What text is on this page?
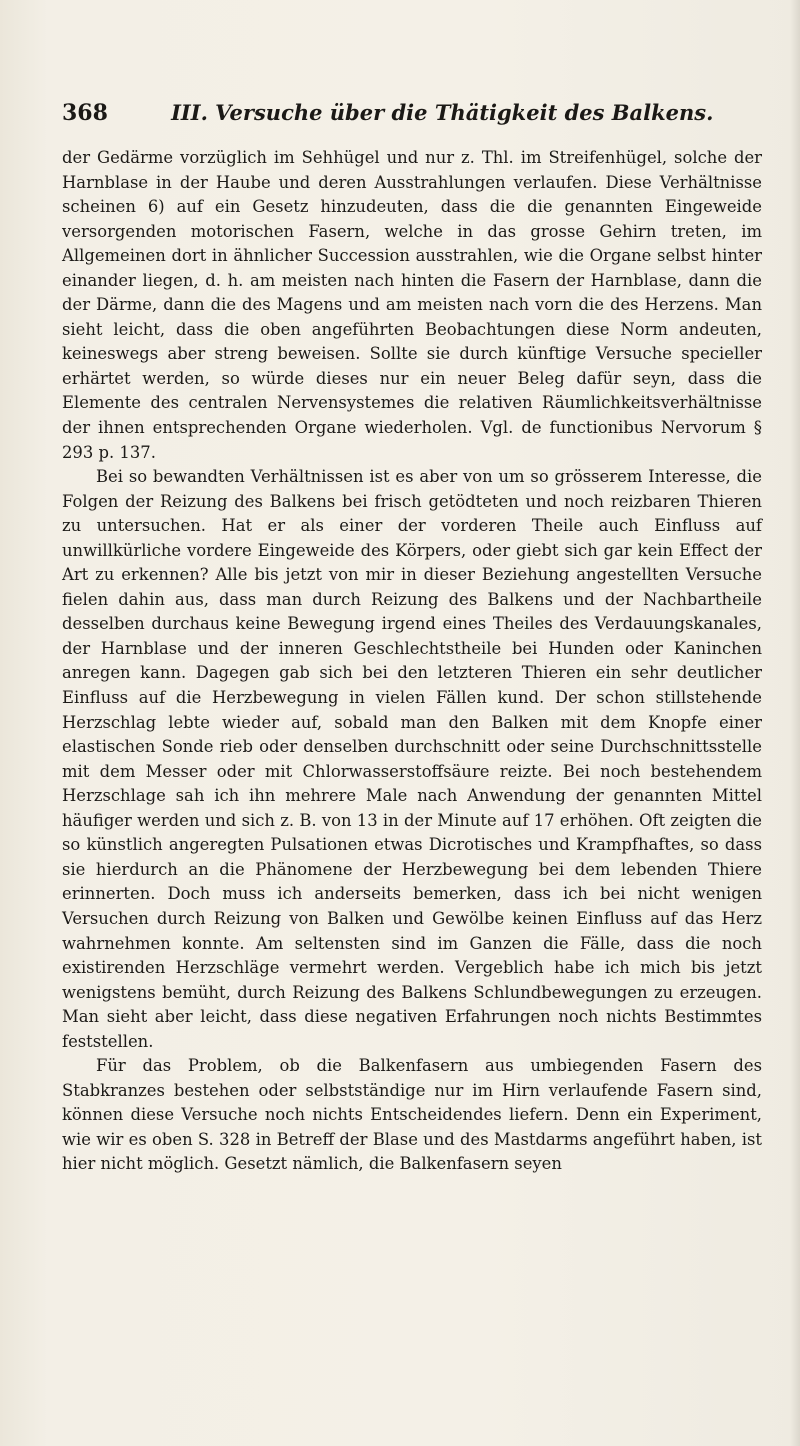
368	III. Versuche über die Thätigkeit des Balkens.

der Gedärme vorzüglich im Sehhügel und nur z. Thl. im Streifenhügel, solche der Harnblase in der Haube und deren Ausstrahlungen verlaufen. Diese Verhältnisse scheinen 6) auf ein Gesetz hinzudeuten, dass die die genannten Eingeweide versorgenden motorischen Fasern, welche in das grosse Gehirn treten, im Allgemeinen dort in ähnlicher Succession ausstrahlen, wie die Organe selbst hinter einander liegen, d. h. am meisten nach hinten die Fasern der Harnblase, dann die der Därme, dann die des Magens und am meisten nach vorn die des Herzens. Man sieht leicht, dass die oben angeführten Beobachtungen diese Norm andeuten, keineswegs aber streng beweisen. Sollte sie durch künftige Versuche specieller erhärtet werden, so würde dieses nur ein neuer Beleg dafür seyn, dass die Elemente des centralen Nervensystemes die relativen Räumlichkeitsverhältnisse der ihnen entsprechenden Organe wiederholen. Vgl. de functionibus Nervorum § 293 p. 137.

Bei so bewandten Verhältnissen ist es aber von um so grösserem Interesse, die Folgen der Reizung des Balkens bei frisch getödteten und noch reizbaren Thieren zu untersuchen. Hat er als einer der vorderen Theile auch Einfluss auf unwillkürliche vordere Eingeweide des Körpers, oder giebt sich gar kein Effect der Art zu erkennen? Alle bis jetzt von mir in dieser Beziehung angestellten Versuche fielen dahin aus, dass man durch Reizung des Balkens und der Nachbartheile desselben durchaus keine Bewegung irgend eines Theiles des Verdauungskanales, der Harnblase und der inneren Geschlechtstheile bei Hunden oder Kaninchen anregen kann. Dagegen gab sich bei den letzteren Thieren ein sehr deutlicher Einfluss auf die Herzbewegung in vielen Fällen kund. Der schon stillstehende Herzschlag lebte wieder auf, sobald man den Balken mit dem Knopfe einer elastischen Sonde rieb oder denselben durchschnitt oder seine Durchschnittsstelle mit dem Messer oder mit Chlorwasserstoffsäure reizte. Bei noch bestehendem Herzschlage sah ich ihn mehrere Male nach Anwendung der genannten Mittel häufiger werden und sich z. B. von 13 in der Minute auf 17 erhöhen. Oft zeigten die so künstlich angeregten Pulsationen etwas Dicrotisches und Krampfhaftes, so dass sie hierdurch an die Phänomene der Herzbewegung bei dem lebenden Thiere erinnerten. Doch muss ich anderseits bemerken, dass ich bei nicht wenigen Versuchen durch Reizung von Balken und Gewölbe keinen Einfluss auf das Herz wahrnehmen konnte. Am seltensten sind im Ganzen die Fälle, dass die noch existirenden Herzschläge vermehrt werden. Vergeblich habe ich mich bis jetzt wenigstens bemüht, durch Reizung des Balkens Schlundbewegungen zu erzeugen. Man sieht aber leicht, dass diese negativen Erfahrungen noch nichts Bestimmtes feststellen.

Für das Problem, ob die Balkenfasern aus umbiegenden Fasern des Stabkranzes bestehen oder selbstständige nur im Hirn verlaufende Fasern sind, können diese Versuche noch nichts Entscheidendes liefern. Denn ein Experiment, wie wir es oben S. 328 in Betreff der Blase und des Mastdarms angeführt haben, ist hier nicht möglich. Gesetzt nämlich, die Balkenfasern seyen
